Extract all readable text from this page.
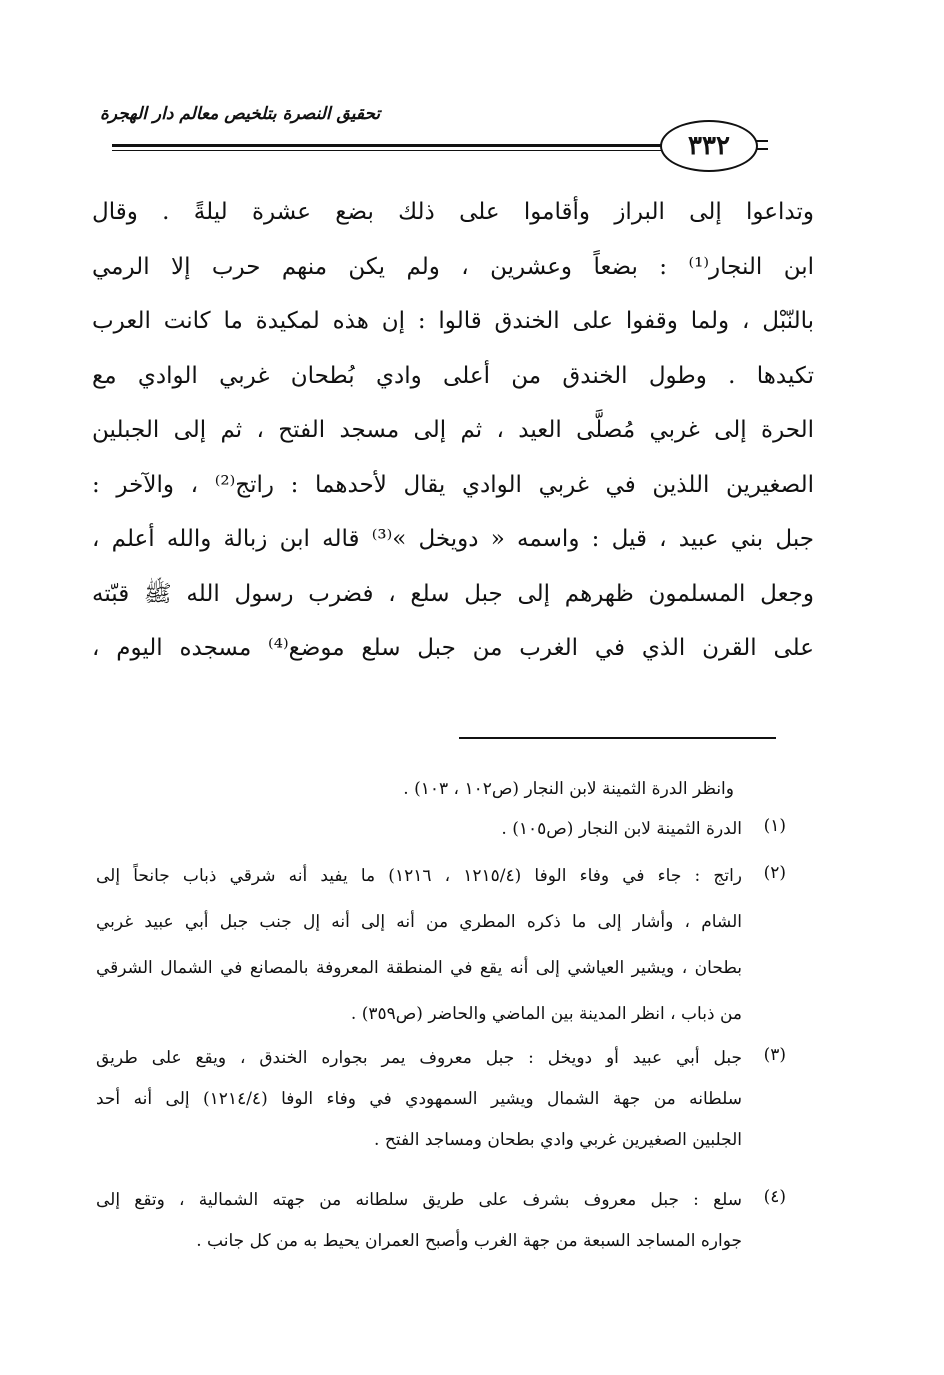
تحقيق النصرة بتلخيص معالم دار الهجرة
٣٣٢
وتداعوا إلى البراز وأقاموا على ذلك بضع عشرة ليلةً . وقال
ابن النجار⁽¹⁾ : بضعاً وعشرين ، ولم يكن منهم حرب إلا الرمي
بالنّبْل ، ولما وقفوا على الخندق قالوا : إن هذه لمكيدة ما كانت العرب
تكيدها . وطول الخندق من أعلى وادي بُطحان غربي الوادي مع
الحرة إلى غربي مُصلَّى العيد ، ثم إلى مسجد الفتح ، ثم إلى الجبلين
الصغيرين اللذين في غربي الوادي يقال لأحدهما : راتج⁽²⁾ ، والآخر :
جبل بني عبيد ، قيل : واسمه « دويخل »⁽³⁾ قاله ابن زبالة والله أعلم ،
وجعل المسلمون ظهرهم إلى جبل سلع ، فضرب رسول الله ﷺ قبّته
على القرن الذي في الغرب من جبل سلع موضع⁽⁴⁾ مسجده اليوم ،
وانظر الدرة الثمينة لابن النجار (ص١٠٢ ، ١٠٣) .
(١)
الدرة الثمينة لابن النجار (ص١٠٥) .
(٢)
راتج : جاء في وفاء الوفا (١٢١٥/٤ ، ١٢١٦) ما يفيد أنه شرقي ذباب جانحاً إلى
الشام ، وأشار إلى ما ذكره المطري من أنه إلى أنه إل جنب جبل أبي عبيد غربي
بطحان ، ويشير العياشي إلى أنه يقع في المنطقة المعروفة بالمصانع في الشمال الشرقي
من ذباب ، انظر المدينة بين الماضي والحاضر (ص٣٥٩) .
(٣)
جبل أبي عبيد أو دويخل : جبل معروف يمر بجواره الخندق ، ويقع على طريق
سلطانه من جهة الشمال ويشير السمهودي في وفاء الوفا (١٢١٤/٤) إلى أنه أحد
الجلبين الصغيرين غربي وادي بطحان ومساجد الفتح .
(٤)
سلع : جبل معروف بشرف على طريق سلطانه من جهته الشمالية ، وتقع إلى
جواره المساجد السبعة من جهة الغرب وأصبح العمران يحيط به من كل جانب .
